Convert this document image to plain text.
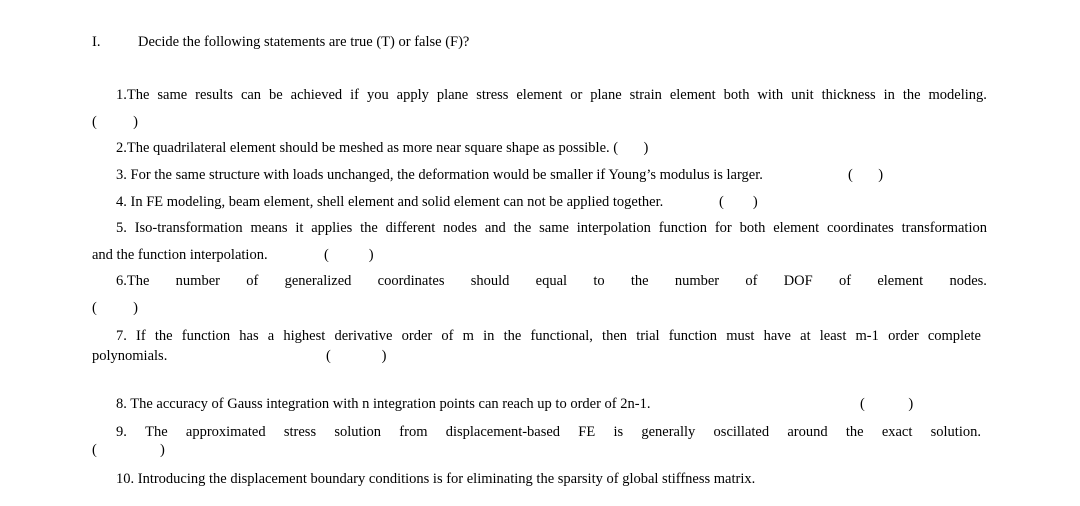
I.	Decide the following statements are true (T) or false (F)?
1.The same results can be achieved if you apply plane stress element or plane strain element both with unit thickness in the modeling.
(          )
2.The quadrilateral element should be meshed as more near square shape as possible. (       )
3. For the same structure with loads unchanged, the deformation would be smaller if Young’s modulus is larger.	(       )
4. In FE modeling, beam element, shell element and solid element can not be applied together.	(        )
5. Iso-transformation means it applies the different nodes and the same interpolation function for both element coordinates transformation
and the function interpolation.	(           )
6.The number of generalized coordinates should equal to the number of DOF of element nodes.
(          )
7. If the function has a highest derivative order of m in the functional, then trial function must have at least m-1 order complete
polynomials.	(              )
8. The accuracy of Gauss integration with n integration points can reach up to order of 2n-1.	(            )
9. The approximated stress solution from displacement-based FE is generally oscillated around the exact solution.
(	)
10. Introducing the displacement boundary conditions is for eliminating the sparsity of global stiffness matrix.
